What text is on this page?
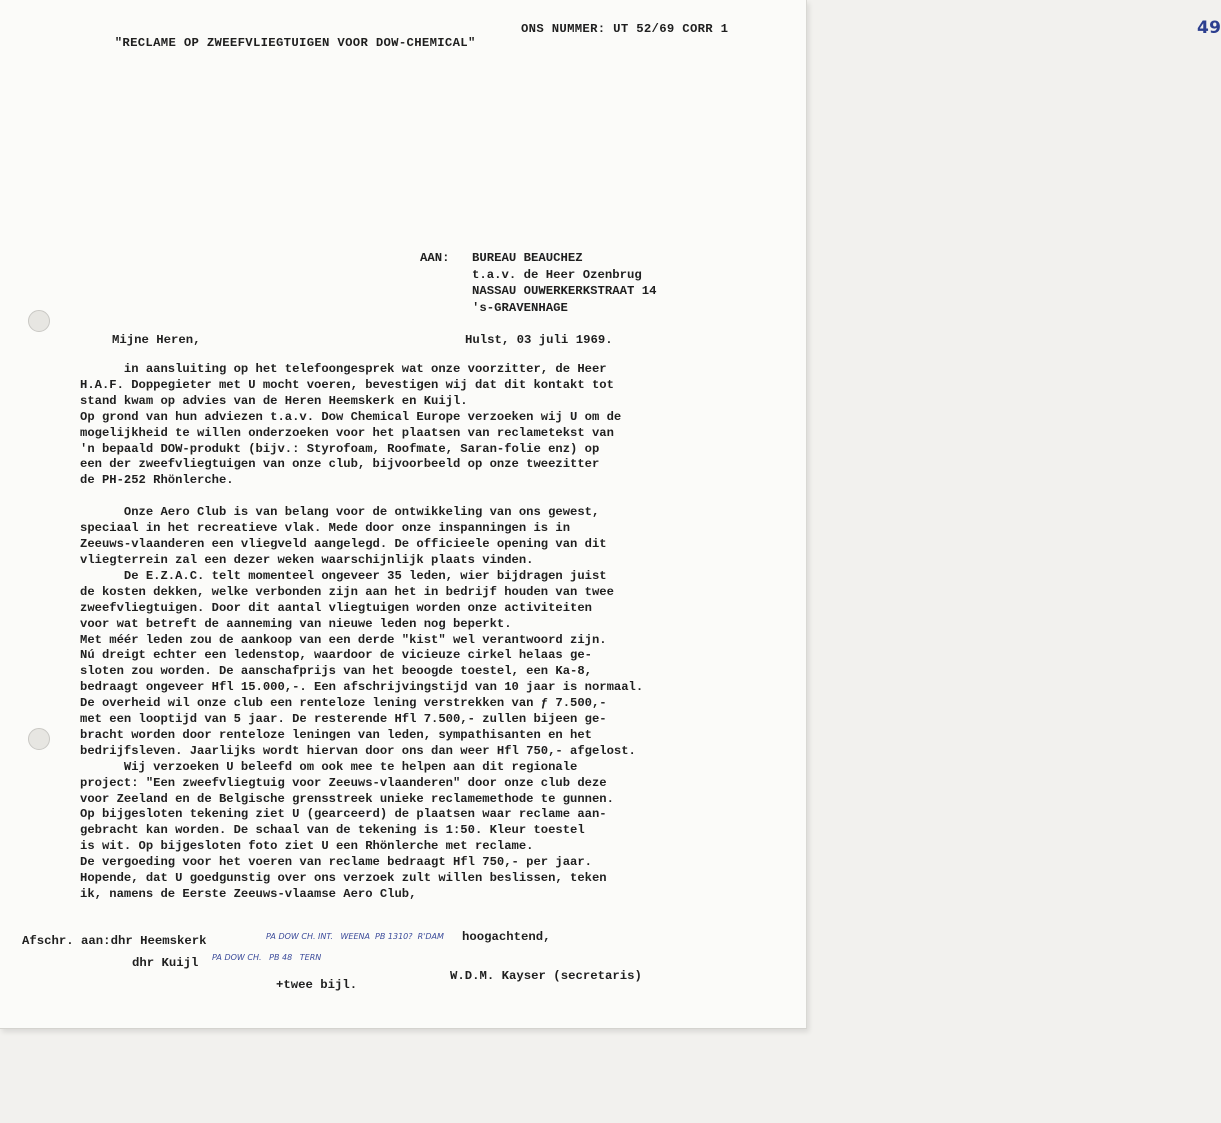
"RECLAME OP ZWEEFVLIEGTUIGEN VOOR DOW-CHEMICAL"

ONS NUMMER: UT 52/69 CORR 1	49

AAN:	BUREAU BEAUCHEZ
t.a.v. de Heer Ozenbrug
NASSAU OUWERKERKSTRAAT 14
's-GRAVENHAGE
Mijne Heren,	Hulst, 03 juli 1969.

in aansluiting op het telefoongesprek wat onze voorzitter, de Heer

H.A.F. Doppegieter met U mocht voeren, bevestigen wij dat dit kontakt tot

stand kwam op advies van de Heren Heemskerk en Kuijl.

Op grond van hun adviezen t.a.v. Dow Chemical Europe verzoeken wij U om de

mogelijkheid te willen onderzoeken voor het plaatsen van reclametekst van

'n bepaald DOW-produkt (bijv.: Styrofoam, Roofmate, Saran-folie enz) op

een der zweefvliegtuigen van onze club, bijvoorbeeld op onze tweezitter

de PH-252 Rhönlerche.

Onze Aero Club is van belang voor de ontwikkeling van ons gewest,

speciaal in het recreatieve vlak. Mede door onze inspanningen is in

Zeeuws-vlaanderen een vliegveld aangelegd. De officieele opening van dit

vliegterrein zal een dezer weken waarschijnlijk plaats vinden.

De E.Z.A.C. telt momenteel ongeveer 35 leden, wier bijdragen juist

de kosten dekken, welke verbonden zijn aan het in bedrijf houden van twee

zweefvliegtuigen. Door dit aantal vliegtuigen worden onze activiteiten

voor wat betreft de aanneming van nieuwe leden nog beperkt.

Met méér leden zou de aankoop van een derde "kist" wel verantwoord zijn.

Nú dreigt echter een ledenstop, waardoor de vicieuze cirkel helaas ge-

sloten zou worden. De aanschafprijs van het beoogde toestel, een Ka-8,

bedraagt ongeveer Hfl 15.000,-. Een afschrijvingstijd van 10 jaar is normaal.

De overheid wil onze club een renteloze lening verstrekken van ƒ 7.500,-

met een looptijd van 5 jaar. De resterende Hfl 7.500,- zullen bijeen ge-

bracht worden door renteloze leningen van leden, sympathisanten en het

bedrijfsleven. Jaarlijks wordt hiervan door ons dan weer Hfl 750,- afgelost.

Wij verzoeken U beleefd om ook mee te helpen aan dit regionale

project: "Een zweefvliegtuig voor Zeeuws-vlaanderen" door onze club deze

voor Zeeland en de Belgische grensstreek unieke reclamemethode te gunnen.

Op bijgesloten tekening ziet U (gearceerd) de plaatsen waar reclame aan-

gebracht kan worden. De schaal van de tekening is 1:50. Kleur toestel

is wit. Op bijgesloten foto ziet U een Rhönlerche met reclame.

De vergoeding voor het voeren van reclame bedraagt Hfl 750,- per jaar.

Hopende, dat U goedgunstig over ons verzoek zult willen beslissen, teken

ik, namens de Eerste Zeeuws-vlaamse Aero Club,

Afschr. aan: dhr Heemskerk
dhr Kuijl
+twee bijl.
PA DOW CH. INT.   WEENA  PB 1310?  R'DAM
PA DOW CH.   PB 48   TERN
hoogachtend,
W.D.M. Kayser (secretaris)
